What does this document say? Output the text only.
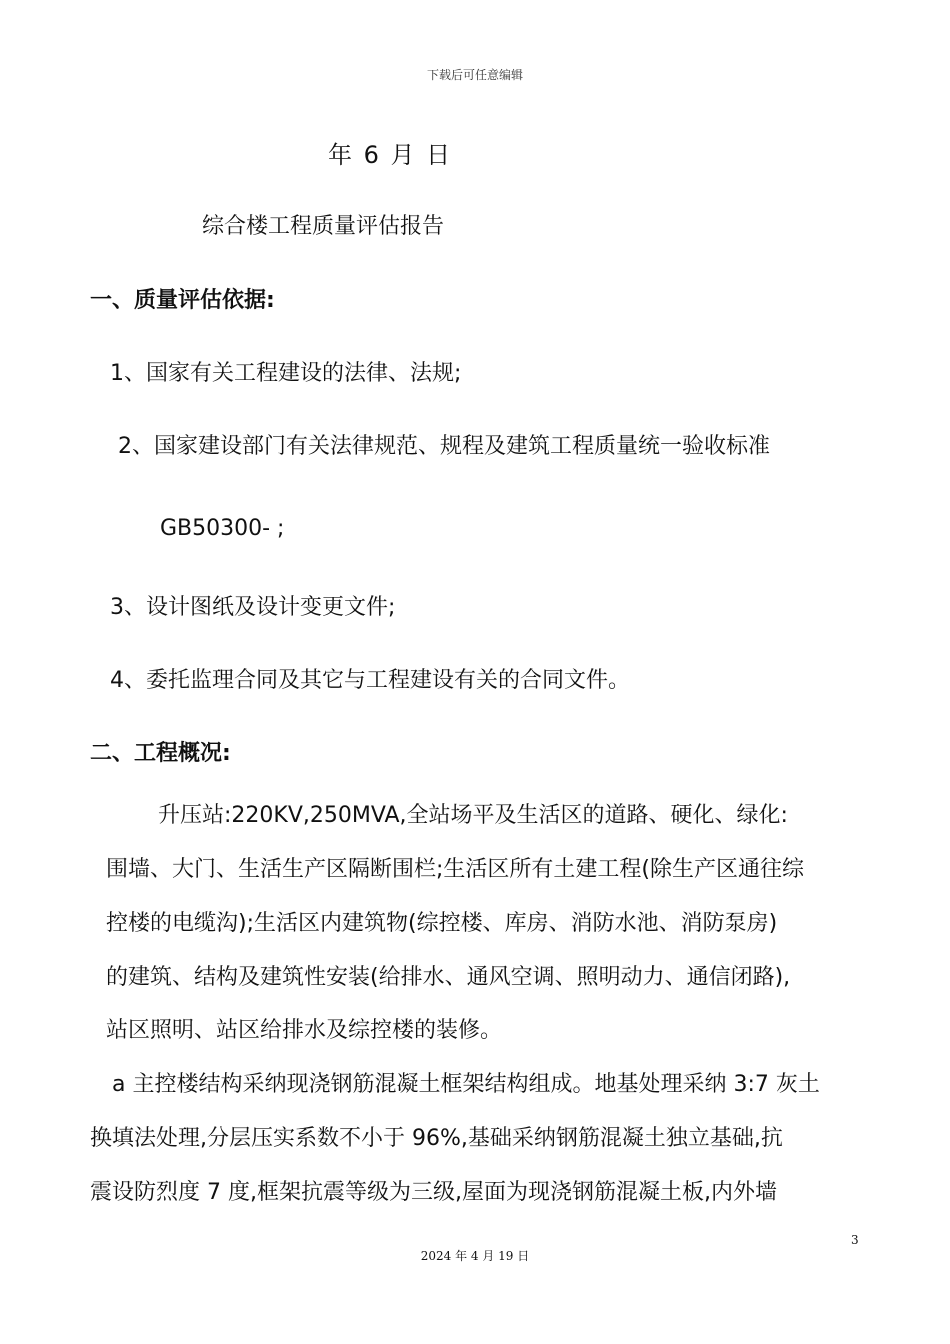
下载后可任意编辑
年 6 月 日
综合楼工程质量评估报告
一、质量评估依据:
1、国家有关工程建设的法律、法规;
2、国家建设部门有关法律规范、规程及建筑工程质量统一验收标准
GB50300- ;
3、设计图纸及设计变更文件;
4、委托监理合同及其它与工程建设有关的合同文件。
二、工程概况:
升压站:220KV,250MVA,全站场平及生活区的道路、硬化、绿化:
围墙、大门、生活生产区隔断围栏;生活区所有土建工程(除生产区通往综
控楼的电缆沟);生活区内建筑物(综控楼、库房、消防水池、消防泵房)
的建筑、结构及建筑性安装(给排水、通风空调、照明动力、通信闭路),
站区照明、站区给排水及综控楼的装修。
a 主控楼结构采纳现浇钢筋混凝土框架结构组成。地基处理采纳 3:7 灰土
换填法处理,分层压实系数不小于 96%,基础采纳钢筋混凝土独立基础,抗
震设防烈度 7 度,框架抗震等级为三级,屋面为现浇钢筋混凝土板,内外墙
3
2024 年 4 月 19 日
